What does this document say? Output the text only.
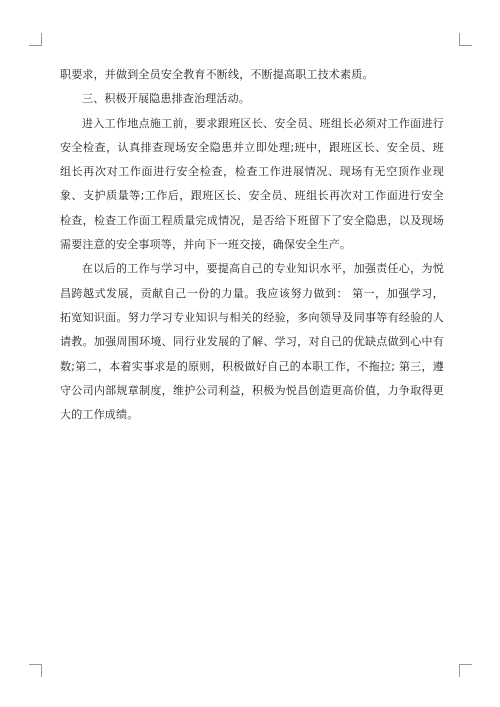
职要求，并做到全员安全教育不断线，不断提高职工技术素质。

三、积极开展隐患排查治理活动。

进入工作地点施工前，要求跟班区长、安全员、班组长必须对工作面进行安全检查，认真排查现场安全隐患并立即处理;班中，跟班区长、安全员、班组长再次对工作面进行安全检查，检查工作进展情况、现场有无空顶作业现象、支护质量等;工作后，跟班区长、安全员、班组长再次对工作面进行安全检查，检查工作面工程质量完成情况，是否给下班留下了安全隐患，以及现场需要注意的安全事项等，并向下一班交接，确保安全生产。

在以后的工作与学习中，要提高自己的专业知识水平，加强责任心，为悦昌跨越式发展，贡献自己一份的力量。我应该努力做到： 第一，加强学习，拓宽知识面。努力学习专业知识与相关的经验，多向领导及同事等有经验的人请教。加强周围环境、同行业发展的了解、学习，对自己的优缺点做到心中有数;第二，本着实事求是的原则，积极做好自己的本职工作，不拖拉; 第三，遵守公司内部规章制度，维护公司利益，积极为悦昌创造更高价值，力争取得更大的工作成绩。
